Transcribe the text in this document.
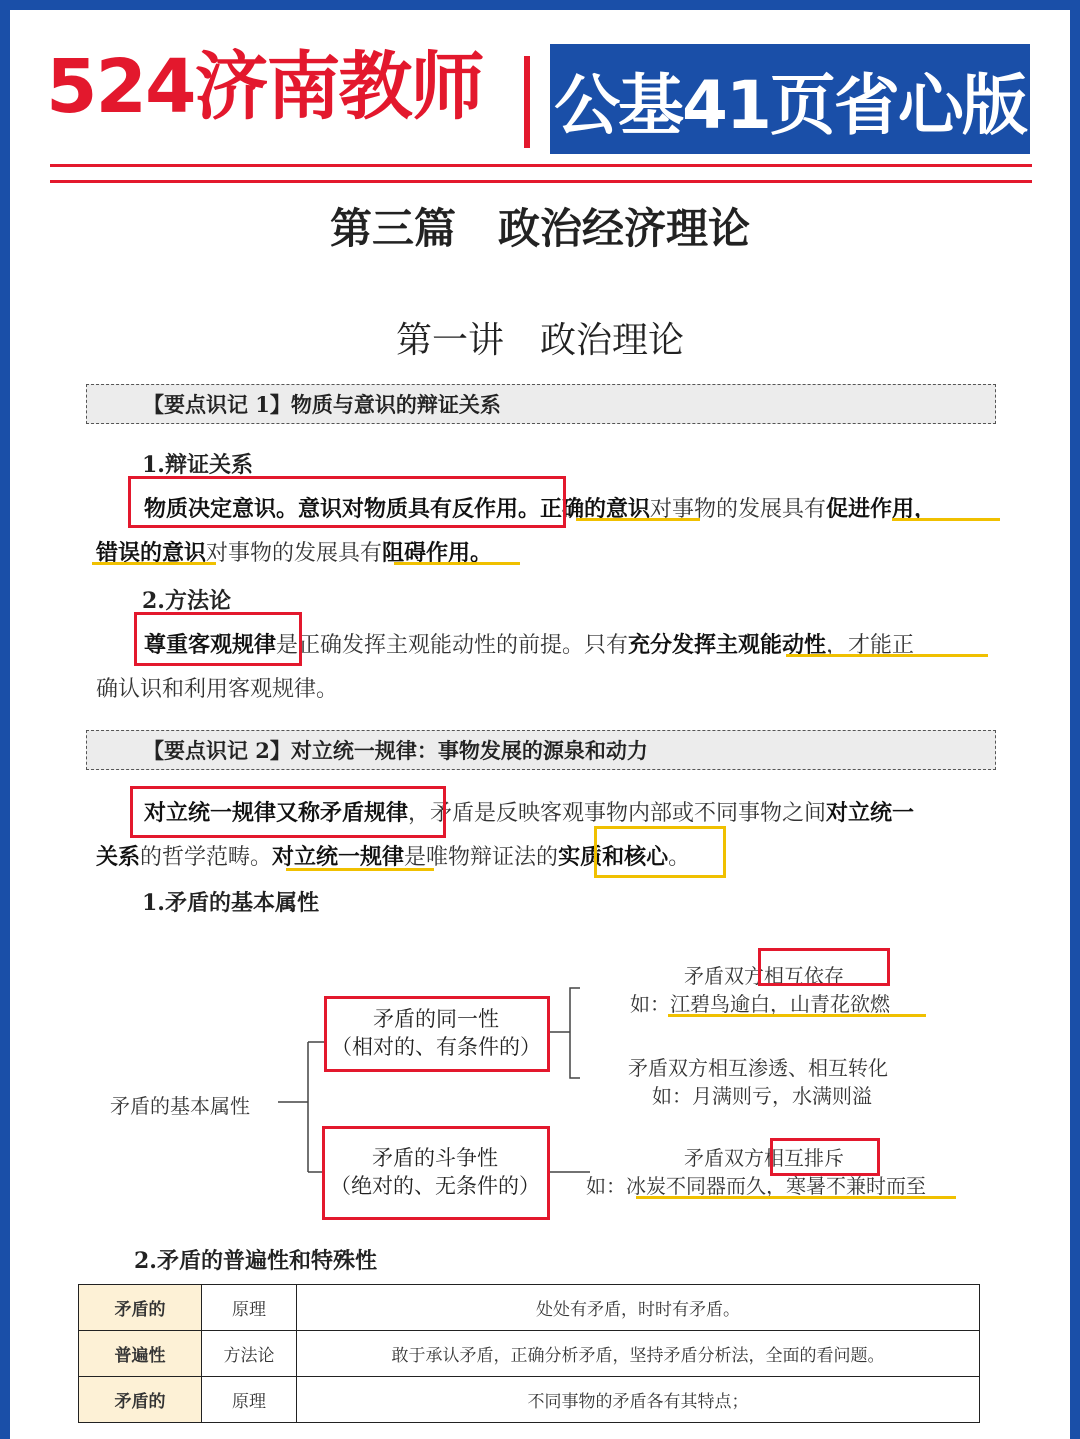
524济南教师 公基41页省心版
第三篇　政治经济理论
第一讲　政治理论
【要点识记 1】物质与意识的辩证关系
1.辩证关系
物质决定意识。意识对物质具有反作用。正确的意识对事物的发展具有促进作用，
错误的意识对事物的发展具有阻碍作用。
2.方法论
尊重客观规律是正确发挥主观能动性的前提。只有充分发挥主观能动性，才能正
确认识和利用客观规律。
【要点识记 2】对立统一规律：事物发展的源泉和动力
对立统一规律又称矛盾规律，矛盾是反映客观事物内部或不同事物之间对立统一
关系的哲学范畴。对立统一规律是唯物辩证法的实质和核心。
1.矛盾的基本属性
矛盾的基本属性
矛盾的同一性
（相对的、有条件的）
矛盾的斗争性
（绝对的、无条件的）
矛盾双方相互依存
如：江碧鸟逾白，山青花欲燃
矛盾双方相互渗透、相互转化
如：月满则亏，水满则溢
矛盾双方相互排斥
如：冰炭不同器而久，寒暑不兼时而至
2.矛盾的普遍性和特殊性
矛盾的	原理	处处有矛盾，时时有矛盾。
普遍性	方法论	敢于承认矛盾，正确分析矛盾，坚持矛盾分析法，全面的看问题。
矛盾的	原理	不同事物的矛盾各有其特点；
